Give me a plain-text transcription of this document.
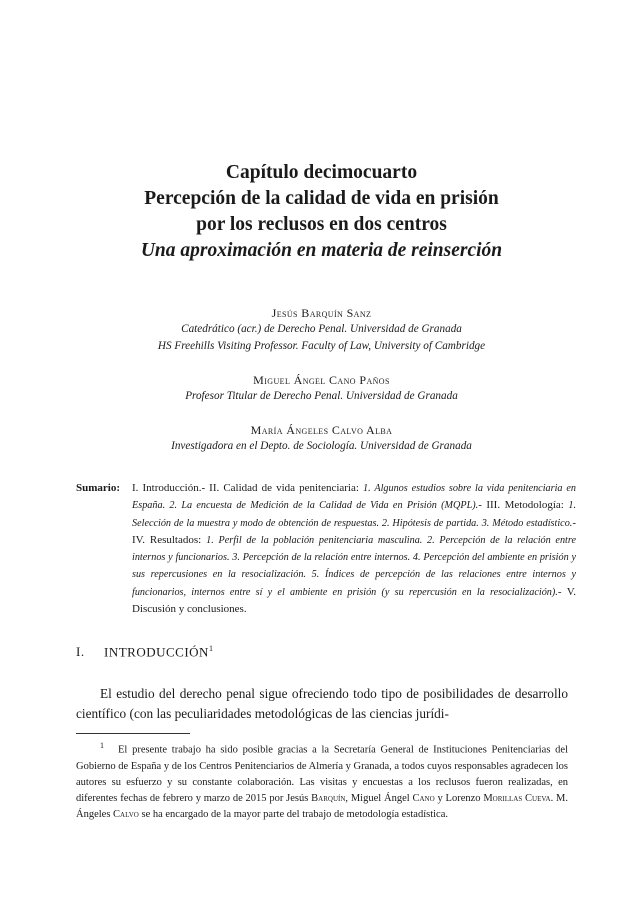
Capítulo decimocuarto
Percepción de la calidad de vida en prisión
por los reclusos en dos centros
Una aproximación en materia de reinserción
Jesús Barquín Sanz
Catedrático (acr.) de Derecho Penal. Universidad de Granada
HS Freehills Visiting Professor. Faculty of Law, University of Cambridge
Miguel Ángel Cano Paños
Profesor Titular de Derecho Penal. Universidad de Granada
María Ángeles Calvo Alba
Investigadora en el Depto. de Sociología. Universidad de Granada
Sumario: I. Introducción.- II. Calidad de vida penitenciaria: 1. Algunos estudios sobre la vida penitenciaria en España. 2. La encuesta de Medición de la Calidad de Vida en Prisión (MQPL).- III. Metodología: 1. Selección de la muestra y modo de obtención de respuestas. 2. Hipótesis de partida. 3. Método estadístico.- IV. Resultados: 1. Perfil de la población penitenciaria masculina. 2. Percepción de la relación entre internos y funcionarios. 3. Percepción de la relación entre internos. 4. Percepción del ambiente en prisión y sus repercusiones en la resocialización. 5. Índices de percepción de las relaciones entre internos y funcionarios, internos entre sí y el ambiente en prisión (y su repercusión en la resocialización).- V. Discusión y conclusiones.
I. INTRODUCCIÓN$^1$
El estudio del derecho penal sigue ofreciendo todo tipo de posibilidades de desarrollo científico (con las peculiaridades metodológicas de las ciencias jurídi-
$^1$ El presente trabajo ha sido posible gracias a la Secretaría General de Instituciones Penitenciarias del Gobierno de España y de los Centros Penitenciarios de Almería y Granada, a todos cuyos responsables agradecen los autores su esfuerzo y su constante colaboración. Las visitas y encuestas a los reclusos fueron realizadas, en diferentes fechas de febrero y marzo de 2015 por Jesús Barquín, Miguel Ángel Cano y Lorenzo Morillas Cueva. M. Ángeles Calvo se ha encargado de la mayor parte del trabajo de metodología estadística.
